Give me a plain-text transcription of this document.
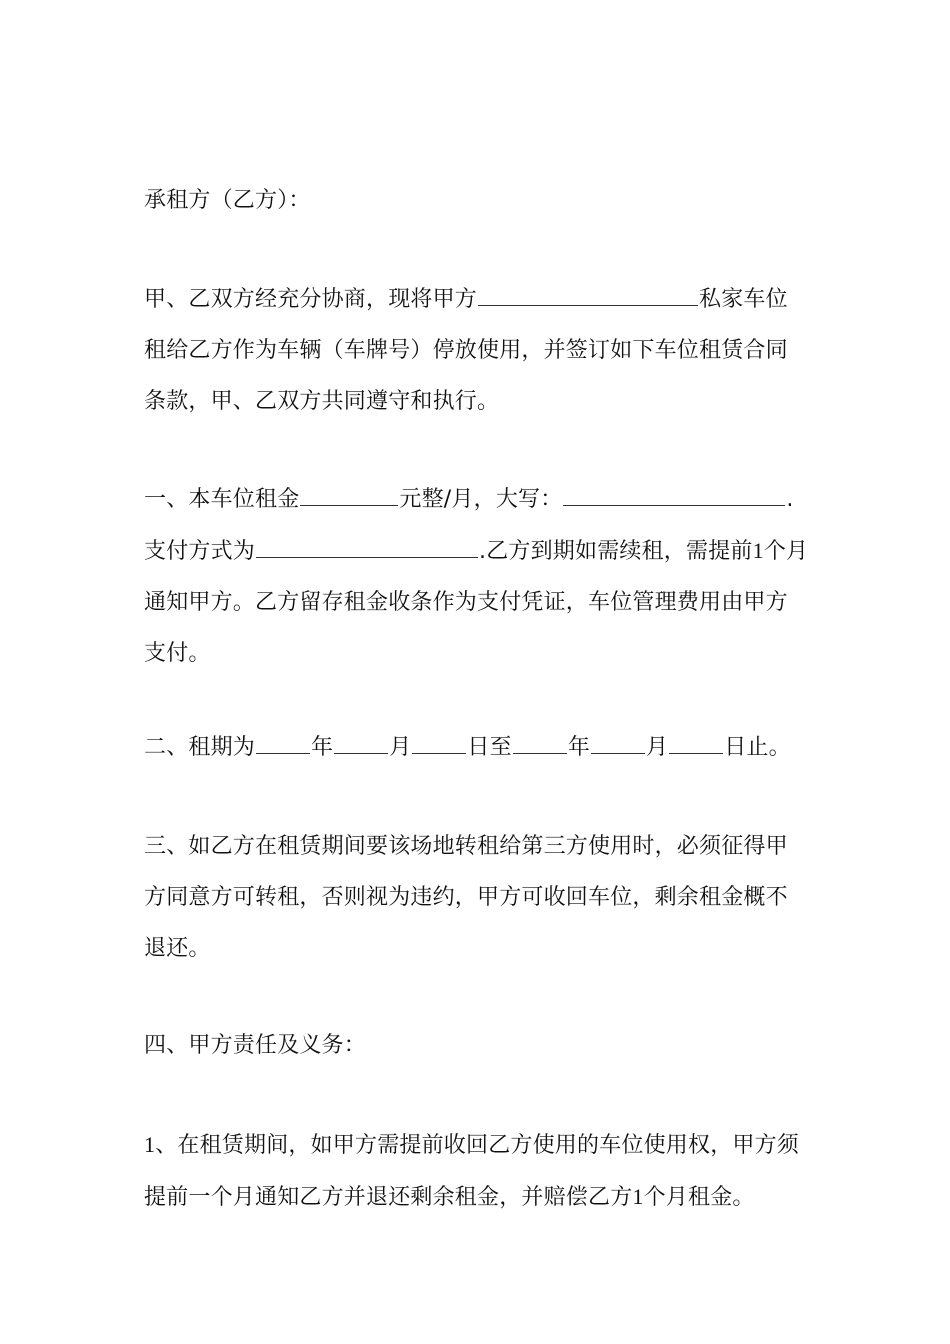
承租方（乙方）：

甲、乙双方经充分协商，现将甲方	私家车位租给乙方作为车辆（车牌号）停放使用，并签订如下车位租赁合同条款，甲、乙双方共同遵守和执行。

一、本车位租金	元整/月，大写：	.
支付方式为	.乙方到期如需续租，需提前1个月通知甲方。乙方留存租金收条作为支付凭证，车位管理费用由甲方支付。

二、租期为	年	月	日至	年	月	日止。

三、如乙方在租赁期间要该场地转租给第三方使用时，必须征得甲方同意方可转租，否则视为违约，甲方可收回车位，剩余租金概不退还。

四、甲方责任及义务：

1、在租赁期间，如甲方需提前收回乙方使用的车位使用权，甲方须提前一个月通知乙方并退还剩余租金，并赔偿乙方1个月租金。
